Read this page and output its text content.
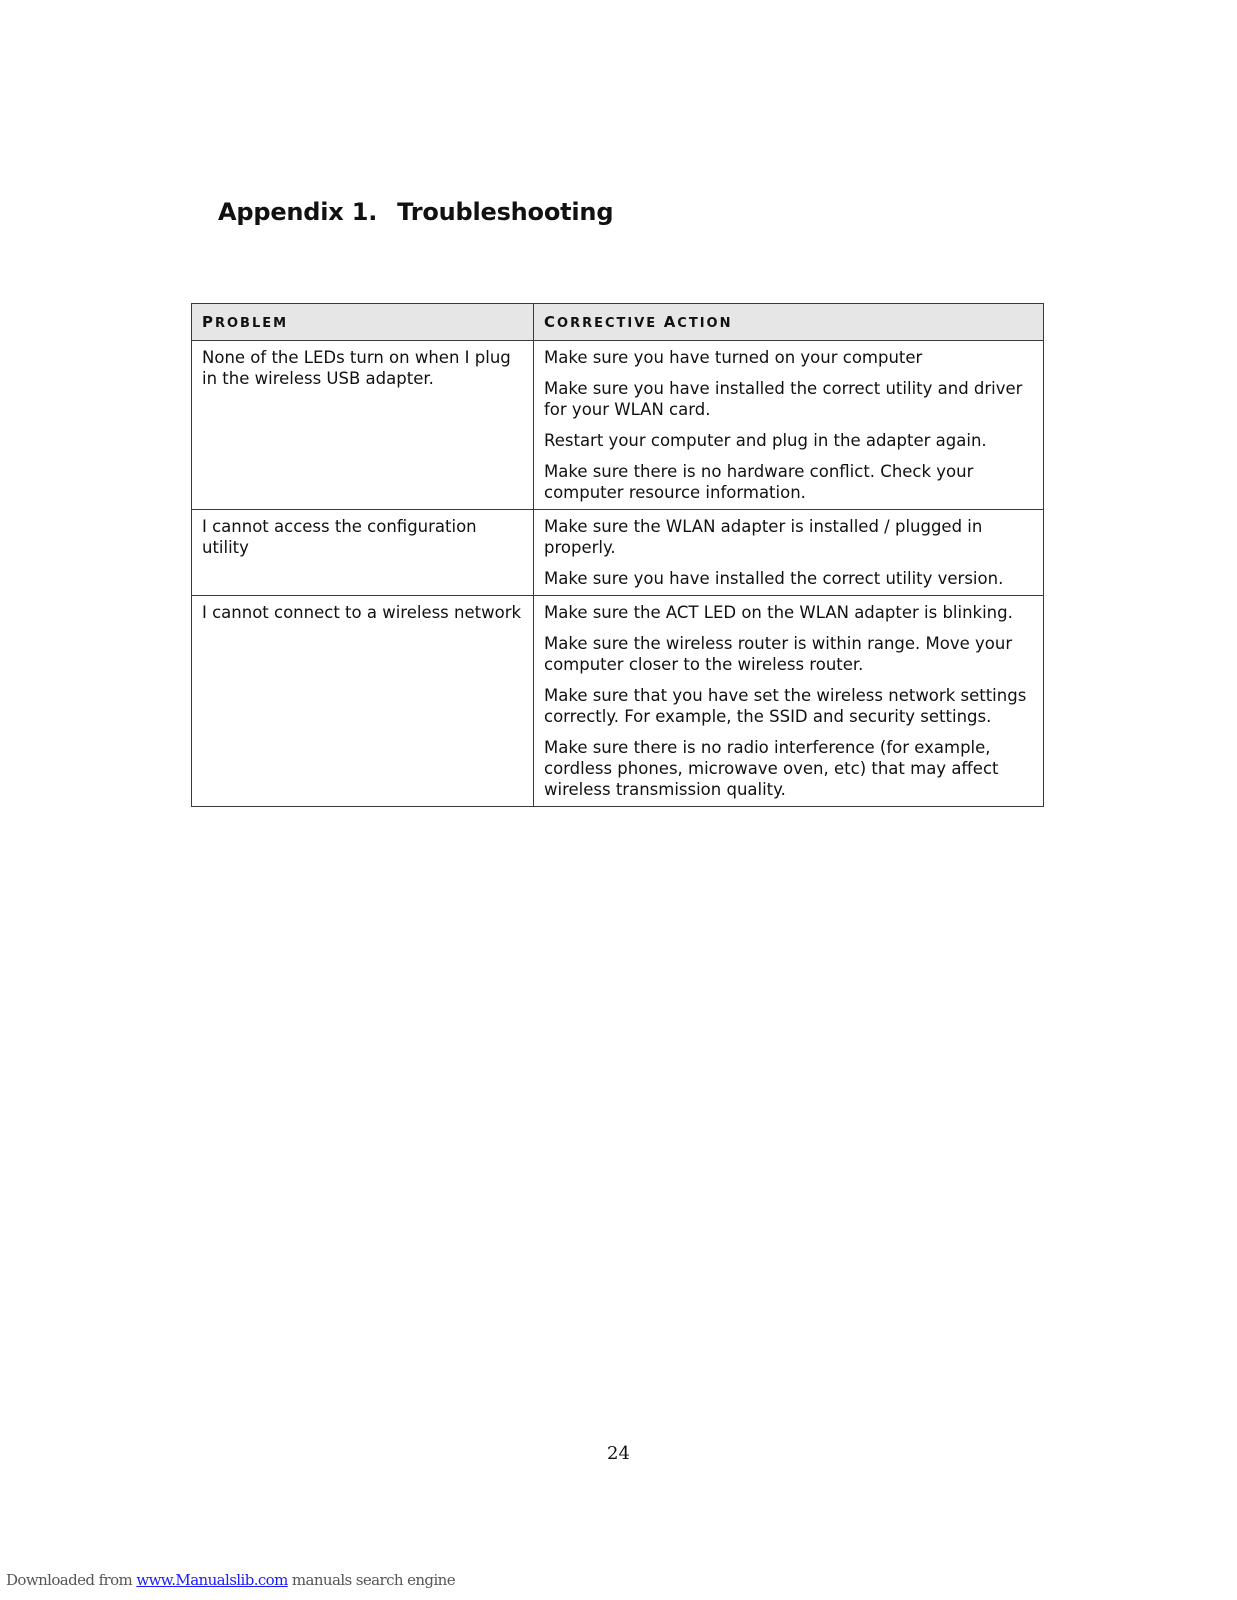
Appendix 1. Troubleshooting
PROBLEM	CORRECTIVE ACTION
None of the LEDs turn on when I plug in the wireless USB adapter.	Make sure you have turned on your computer
Make sure you have installed the correct utility and driver for your WLAN card.
Restart your computer and plug in the adapter again.
Make sure there is no hardware conflict. Check your computer resource information.

I cannot access the configuration utility	Make sure the WLAN adapter is installed / plugged in properly.
Make sure you have installed the correct utility version.

I cannot connect to a wireless network	Make sure the ACT LED on the WLAN adapter is blinking.
Make sure the wireless router is within range. Move your computer closer to the wireless router.
Make sure that you have set the wireless network settings correctly. For example, the SSID and security settings.
Make sure there is no radio interference (for example, cordless phones, microwave oven, etc) that may affect wireless transmission quality.
24
Downloaded from www.Manualslib.com manuals search engine
